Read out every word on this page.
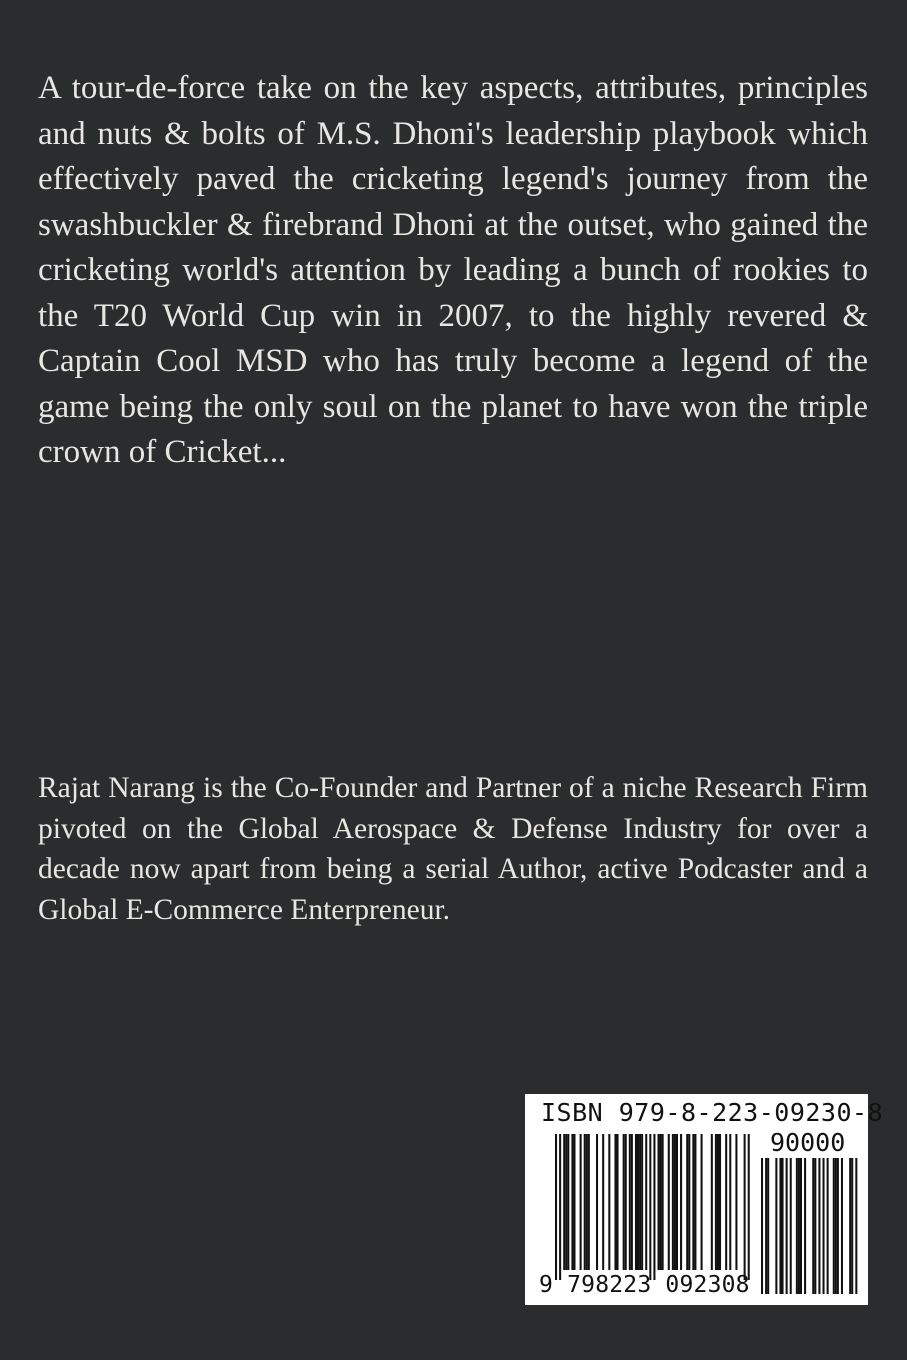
A tour-de-force take on the key aspects, attributes, principles and nuts & bolts of M.S. Dhoni's leadership playbook which effectively paved the cricketing legend's journey from the swashbuckler & firebrand Dhoni at the outset, who gained the cricketing world's attention by leading a bunch of rookies to the T20 World Cup win in 2007, to the highly revered & Captain Cool MSD who has truly become a legend of the game being the only soul on the planet to have won the triple crown of Cricket...

Rajat Narang is the Co-Founder and Partner of a niche Research Firm pivoted on the Global Aerospace & Defense Industry for over a decade now apart from being a serial Author, active Podcaster and a Global E-Commerce Enterpreneur.

ISBN 979-8-223-09230-8
90000
9 798223 092308
